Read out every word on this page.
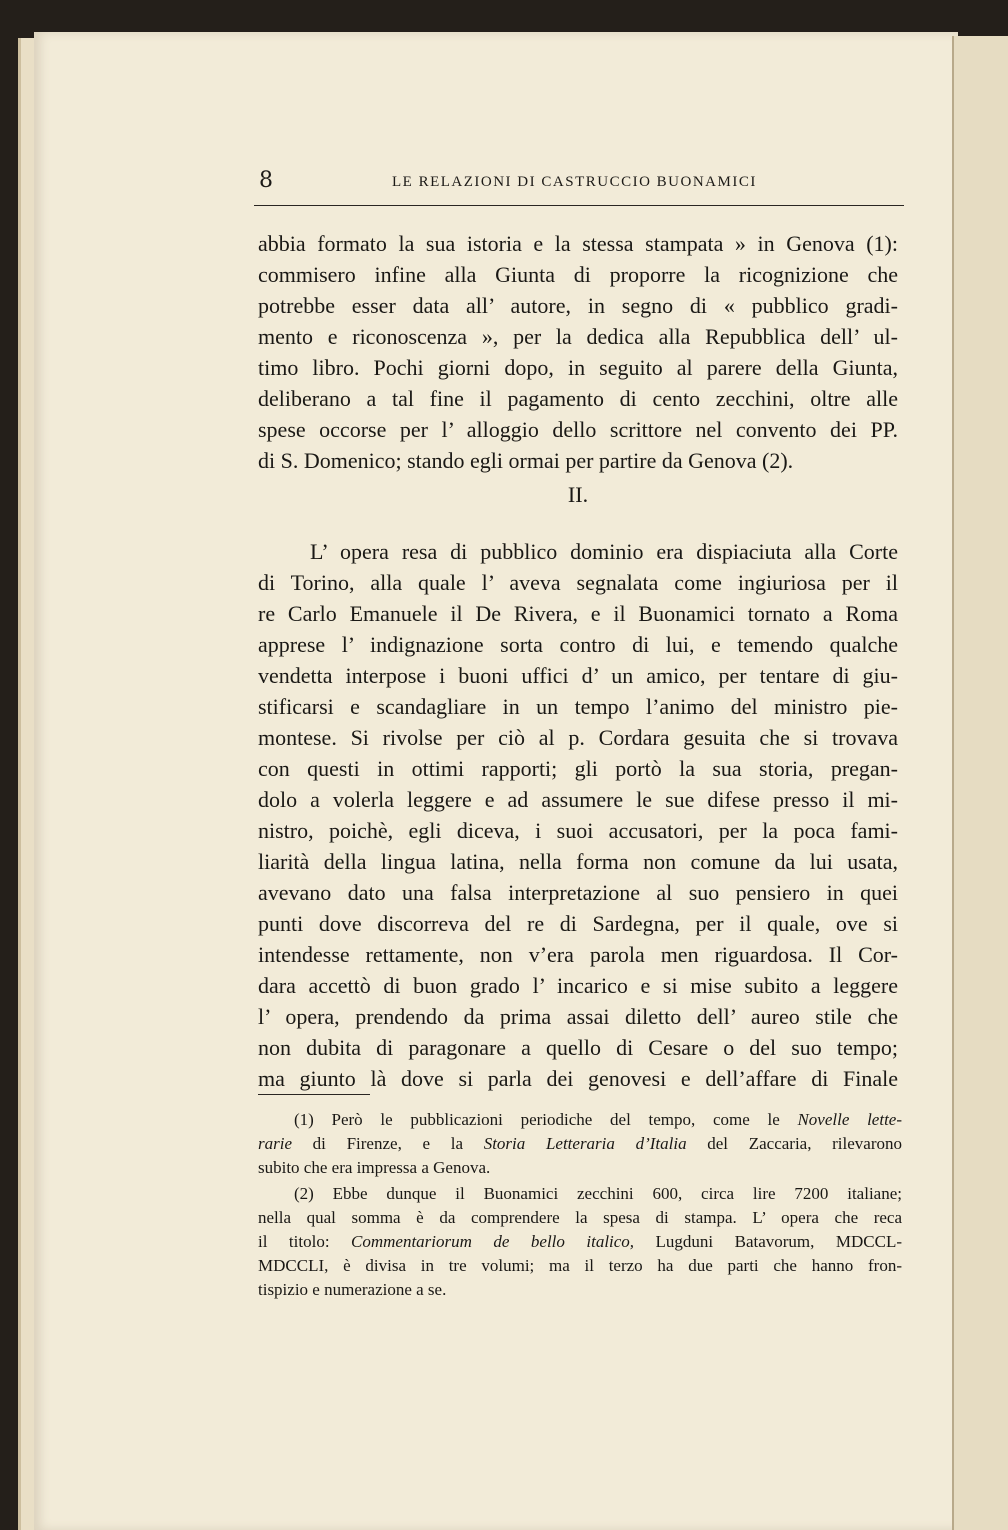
8	LE RELAZIONI DI CASTRUCCIO BUONAMICI
abbia formato la sua istoria e la stessa stampata » in Genova (1):
commisero infine alla Giunta di proporre la ricognizione che
potrebbe esser data all’ autore, in segno di « pubblico gradi-
mento e riconoscenza », per la dedica alla Repubblica dell’ ul-
timo libro. Pochi giorni dopo, in seguito al parere della Giunta,
deliberano a tal fine il pagamento di cento zecchini, oltre alle
spese occorse per l’ alloggio dello scrittore nel convento dei PP.
di S. Domenico; stando egli ormai per partire da Genova (2).
II.
L’ opera resa di pubblico dominio era dispiaciuta alla Corte
di Torino, alla quale l’ aveva segnalata come ingiuriosa per il
re Carlo Emanuele il De Rivera, e il Buonamici tornato a Roma
apprese l’ indignazione sorta contro di lui, e temendo qualche
vendetta interpose i buoni uffici d’ un amico, per tentare di giu-
stificarsi e scandagliare in un tempo l’animo del ministro pie-
montese. Si rivolse per ciò al p. Cordara gesuita che si trovava
con questi in ottimi rapporti; gli portò la sua storia, pregan-
dolo a volerla leggere e ad assumere le sue difese presso il mi-
nistro, poichè, egli diceva, i suoi accusatori, per la poca fami-
liarità della lingua latina, nella forma non comune da lui usata,
avevano dato una falsa interpretazione al suo pensiero in quei
punti dove discorreva del re di Sardegna, per il quale, ove si
intendesse rettamente, non v’era parola men riguardosa. Il Cor-
dara accettò di buon grado l’ incarico e si mise subito a leggere
l’ opera, prendendo da prima assai diletto dell’ aureo stile che
non dubita di paragonare a quello di Cesare o del suo tempo;
ma giunto là dove si parla dei genovesi e dell’affare di Finale
(1) Però le pubblicazioni periodiche del tempo, come le Novelle lette-
rarie di Firenze, e la Storia Letteraria d’Italia del Zaccaria, rilevarono
subito che era impressa a Genova.
(2) Ebbe dunque il Buonamici zecchini 600, circa lire 7200 italiane;
nella qual somma è da comprendere la spesa di stampa. L’ opera che reca
il titolo: Commentariorum de bello italico, Lugduni Batavorum, MDCCL-
MDCCLI, è divisa in tre volumi; ma il terzo ha due parti che hanno fron-
tispizio e numerazione a se.
